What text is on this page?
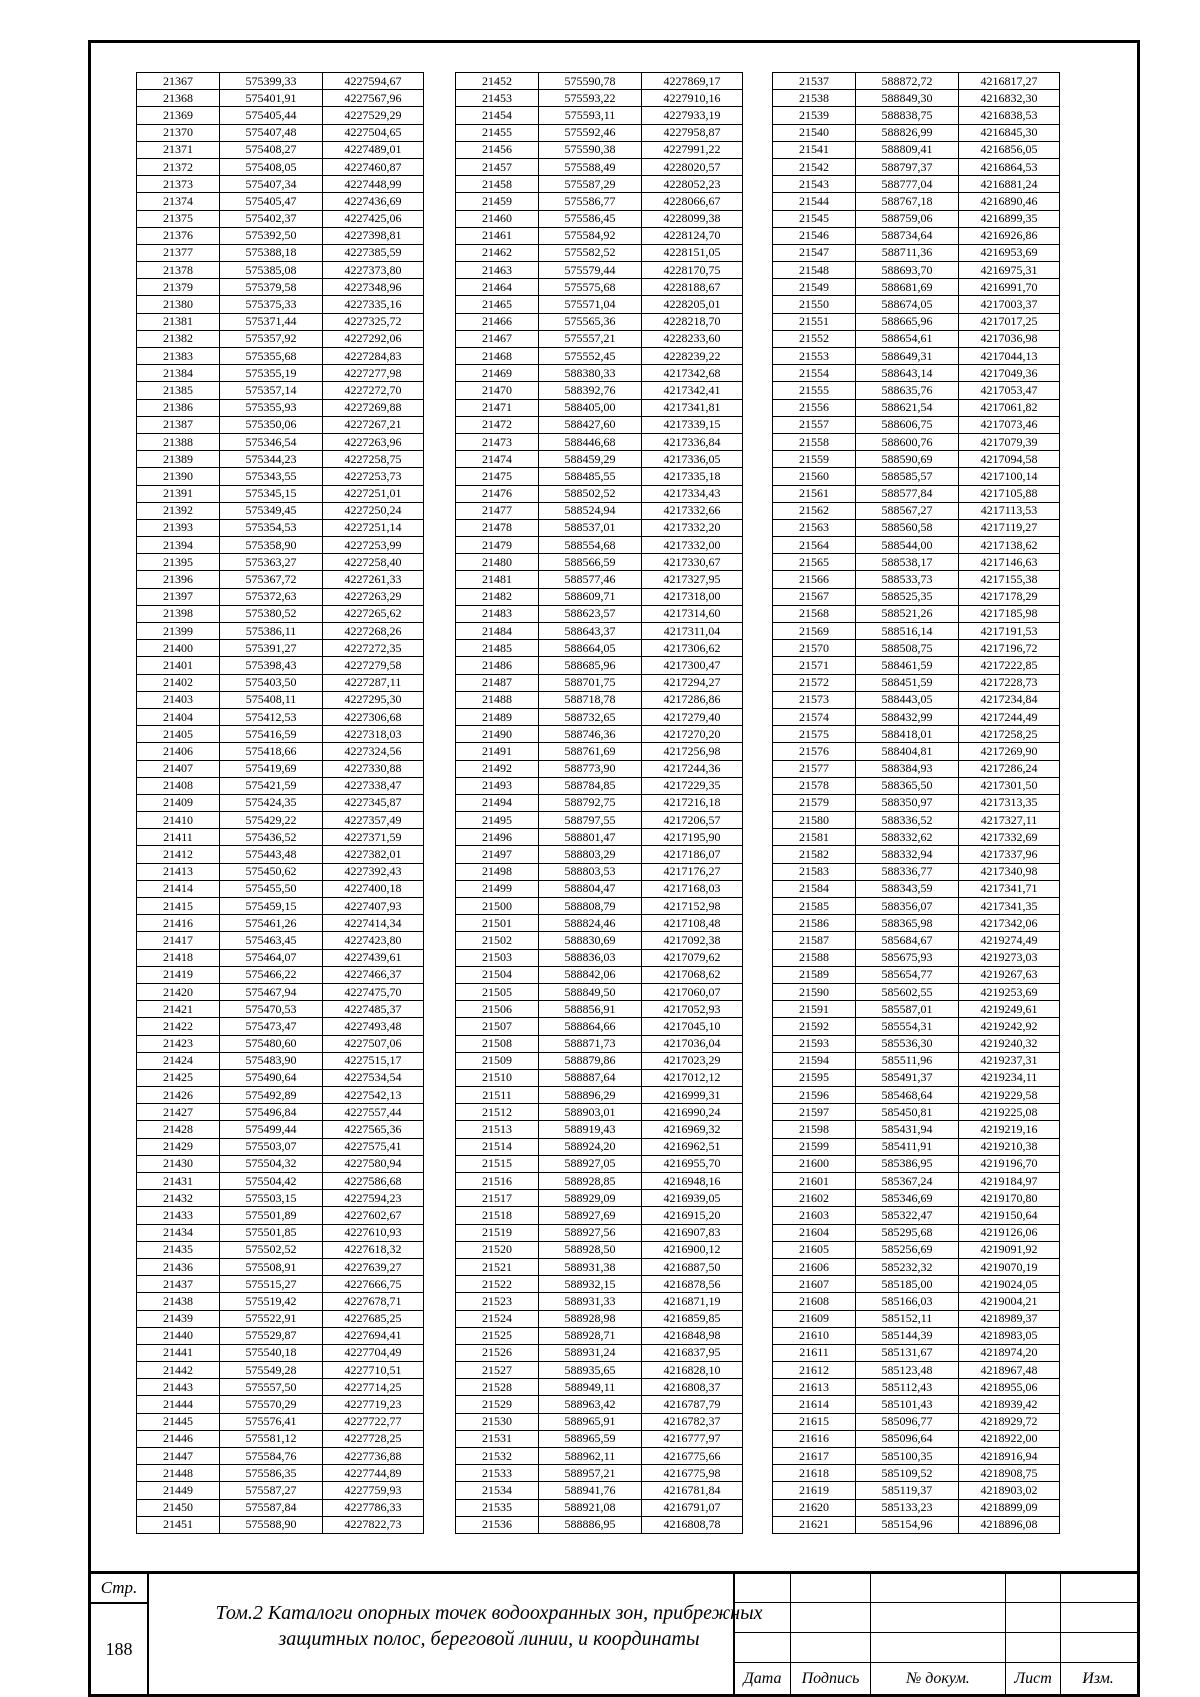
21367	575399,33	4227594,67
21368	575401,91	4227567,96
21369	575405,44	4227529,29
21370	575407,48	4227504,65
21371	575408,27	4227489,01
21372	575408,05	4227460,87
21373	575407,34	4227448,99
21374	575405,47	4227436,69
21375	575402,37	4227425,06
21376	575392,50	4227398,81
21377	575388,18	4227385,59
21378	575385,08	4227373,80
21379	575379,58	4227348,96
21380	575375,33	4227335,16
21381	575371,44	4227325,72
21382	575357,92	4227292,06
21383	575355,68	4227284,83
21384	575355,19	4227277,98
21385	575357,14	4227272,70
21386	575355,93	4227269,88
21387	575350,06	4227267,21
21388	575346,54	4227263,96
21389	575344,23	4227258,75
21390	575343,55	4227253,73
21391	575345,15	4227251,01
21392	575349,45	4227250,24
21393	575354,53	4227251,14
21394	575358,90	4227253,99
21395	575363,27	4227258,40
21396	575367,72	4227261,33
21397	575372,63	4227263,29
21398	575380,52	4227265,62
21399	575386,11	4227268,26
21400	575391,27	4227272,35
21401	575398,43	4227279,58
21402	575403,50	4227287,11
21403	575408,11	4227295,30
21404	575412,53	4227306,68
21405	575416,59	4227318,03
21406	575418,66	4227324,56
21407	575419,69	4227330,88
21408	575421,59	4227338,47
21409	575424,35	4227345,87
21410	575429,22	4227357,49
21411	575436,52	4227371,59
21412	575443,48	4227382,01
21413	575450,62	4227392,43
21414	575455,50	4227400,18
21415	575459,15	4227407,93
21416	575461,26	4227414,34
21417	575463,45	4227423,80
21418	575464,07	4227439,61
21419	575466,22	4227466,37
21420	575467,94	4227475,70
21421	575470,53	4227485,37
21422	575473,47	4227493,48
21423	575480,60	4227507,06
21424	575483,90	4227515,17
21425	575490,64	4227534,54
21426	575492,89	4227542,13
21427	575496,84	4227557,44
21428	575499,44	4227565,36
21429	575503,07	4227575,41
21430	575504,32	4227580,94
21431	575504,42	4227586,68
21432	575503,15	4227594,23
21433	575501,89	4227602,67
21434	575501,85	4227610,93
21435	575502,52	4227618,32
21436	575508,91	4227639,27
21437	575515,27	4227666,75
21438	575519,42	4227678,71
21439	575522,91	4227685,25
21440	575529,87	4227694,41
21441	575540,18	4227704,49
21442	575549,28	4227710,51
21443	575557,50	4227714,25
21444	575570,29	4227719,23
21445	575576,41	4227722,77
21446	575581,12	4227728,25
21447	575584,76	4227736,88
21448	575586,35	4227744,89
21449	575587,27	4227759,93
21450	575587,84	4227786,33
21451	575588,90	4227822,73
21452	575590,78	4227869,17
21453	575593,22	4227910,16
21454	575593,11	4227933,19
21455	575592,46	4227958,87
21456	575590,38	4227991,22
21457	575588,49	4228020,57
21458	575587,29	4228052,23
21459	575586,77	4228066,67
21460	575586,45	4228099,38
21461	575584,92	4228124,70
21462	575582,52	4228151,05
21463	575579,44	4228170,75
21464	575575,68	4228188,67
21465	575571,04	4228205,01
21466	575565,36	4228218,70
21467	575557,21	4228233,60
21468	575552,45	4228239,22
21469	588380,33	4217342,68
21470	588392,76	4217342,41
21471	588405,00	4217341,81
21472	588427,60	4217339,15
21473	588446,68	4217336,84
21474	588459,29	4217336,05
21475	588485,55	4217335,18
21476	588502,52	4217334,43
21477	588524,94	4217332,66
21478	588537,01	4217332,20
21479	588554,68	4217332,00
21480	588566,59	4217330,67
21481	588577,46	4217327,95
21482	588609,71	4217318,00
21483	588623,57	4217314,60
21484	588643,37	4217311,04
21485	588664,05	4217306,62
21486	588685,96	4217300,47
21487	588701,75	4217294,27
21488	588718,78	4217286,86
21489	588732,65	4217279,40
21490	588746,36	4217270,20
21491	588761,69	4217256,98
21492	588773,90	4217244,36
21493	588784,85	4217229,35
21494	588792,75	4217216,18
21495	588797,55	4217206,57
21496	588801,47	4217195,90
21497	588803,29	4217186,07
21498	588803,53	4217176,27
21499	588804,47	4217168,03
21500	588808,79	4217152,98
21501	588824,46	4217108,48
21502	588830,69	4217092,38
21503	588836,03	4217079,62
21504	588842,06	4217068,62
21505	588849,50	4217060,07
21506	588856,91	4217052,93
21507	588864,66	4217045,10
21508	588871,73	4217036,04
21509	588879,86	4217023,29
21510	588887,64	4217012,12
21511	588896,29	4216999,31
21512	588903,01	4216990,24
21513	588919,43	4216969,32
21514	588924,20	4216962,51
21515	588927,05	4216955,70
21516	588928,85	4216948,16
21517	588929,09	4216939,05
21518	588927,69	4216915,20
21519	588927,56	4216907,83
21520	588928,50	4216900,12
21521	588931,38	4216887,50
21522	588932,15	4216878,56
21523	588931,33	4216871,19
21524	588928,98	4216859,85
21525	588928,71	4216848,98
21526	588931,24	4216837,95
21527	588935,65	4216828,10
21528	588949,11	4216808,37
21529	588963,42	4216787,79
21530	588965,91	4216782,37
21531	588965,59	4216777,97
21532	588962,11	4216775,66
21533	588957,21	4216775,98
21534	588941,76	4216781,84
21535	588921,08	4216791,07
21536	588886,95	4216808,78
21537	588872,72	4216817,27
21538	588849,30	4216832,30
21539	588838,75	4216838,53
21540	588826,99	4216845,30
21541	588809,41	4216856,05
21542	588797,37	4216864,53
21543	588777,04	4216881,24
21544	588767,18	4216890,46
21545	588759,06	4216899,35
21546	588734,64	4216926,86
21547	588711,36	4216953,69
21548	588693,70	4216975,31
21549	588681,69	4216991,70
21550	588674,05	4217003,37
21551	588665,96	4217017,25
21552	588654,61	4217036,98
21553	588649,31	4217044,13
21554	588643,14	4217049,36
21555	588635,76	4217053,47
21556	588621,54	4217061,82
21557	588606,75	4217073,46
21558	588600,76	4217079,39
21559	588590,69	4217094,58
21560	588585,57	4217100,14
21561	588577,84	4217105,88
21562	588567,27	4217113,53
21563	588560,58	4217119,27
21564	588544,00	4217138,62
21565	588538,17	4217146,63
21566	588533,73	4217155,38
21567	588525,35	4217178,29
21568	588521,26	4217185,98
21569	588516,14	4217191,53
21570	588508,75	4217196,72
21571	588461,59	4217222,85
21572	588451,59	4217228,73
21573	588443,05	4217234,84
21574	588432,99	4217244,49
21575	588418,01	4217258,25
21576	588404,81	4217269,90
21577	588384,93	4217286,24
21578	588365,50	4217301,50
21579	588350,97	4217313,35
21580	588336,52	4217327,11
21581	588332,62	4217332,69
21582	588332,94	4217337,96
21583	588336,77	4217340,98
21584	588343,59	4217341,71
21585	588356,07	4217341,35
21586	588365,98	4217342,06
21587	585684,67	4219274,49
21588	585675,93	4219273,03
21589	585654,77	4219267,63
21590	585602,55	4219253,69
21591	585587,01	4219249,61
21592	585554,31	4219242,92
21593	585536,30	4219240,32
21594	585511,96	4219237,31
21595	585491,37	4219234,11
21596	585468,64	4219229,58
21597	585450,81	4219225,08
21598	585431,94	4219219,16
21599	585411,91	4219210,38
21600	585386,95	4219196,70
21601	585367,24	4219184,97
21602	585346,69	4219170,80
21603	585322,47	4219150,64
21604	585295,68	4219126,06
21605	585256,69	4219091,92
21606	585232,32	4219070,19
21607	585185,00	4219024,05
21608	585166,03	4219004,21
21609	585152,11	4218989,37
21610	585144,39	4218983,05
21611	585131,67	4218974,20
21612	585123,48	4218967,48
21613	585112,43	4218955,06
21614	585101,43	4218939,42
21615	585096,77	4218929,72
21616	585096,64	4218922,00
21617	585100,35	4218916,94
21618	585109,52	4218908,75
21619	585119,37	4218903,02
21620	585133,23	4218899,09
21621	585154,96	4218896,08
Стр.
188
Том.2 Каталоги опорных точек водоохранных зон, прибрежных
защитных полос, береговой линии, и координаты
Дата	Подпись	№ докум.	Лист	Изм.
